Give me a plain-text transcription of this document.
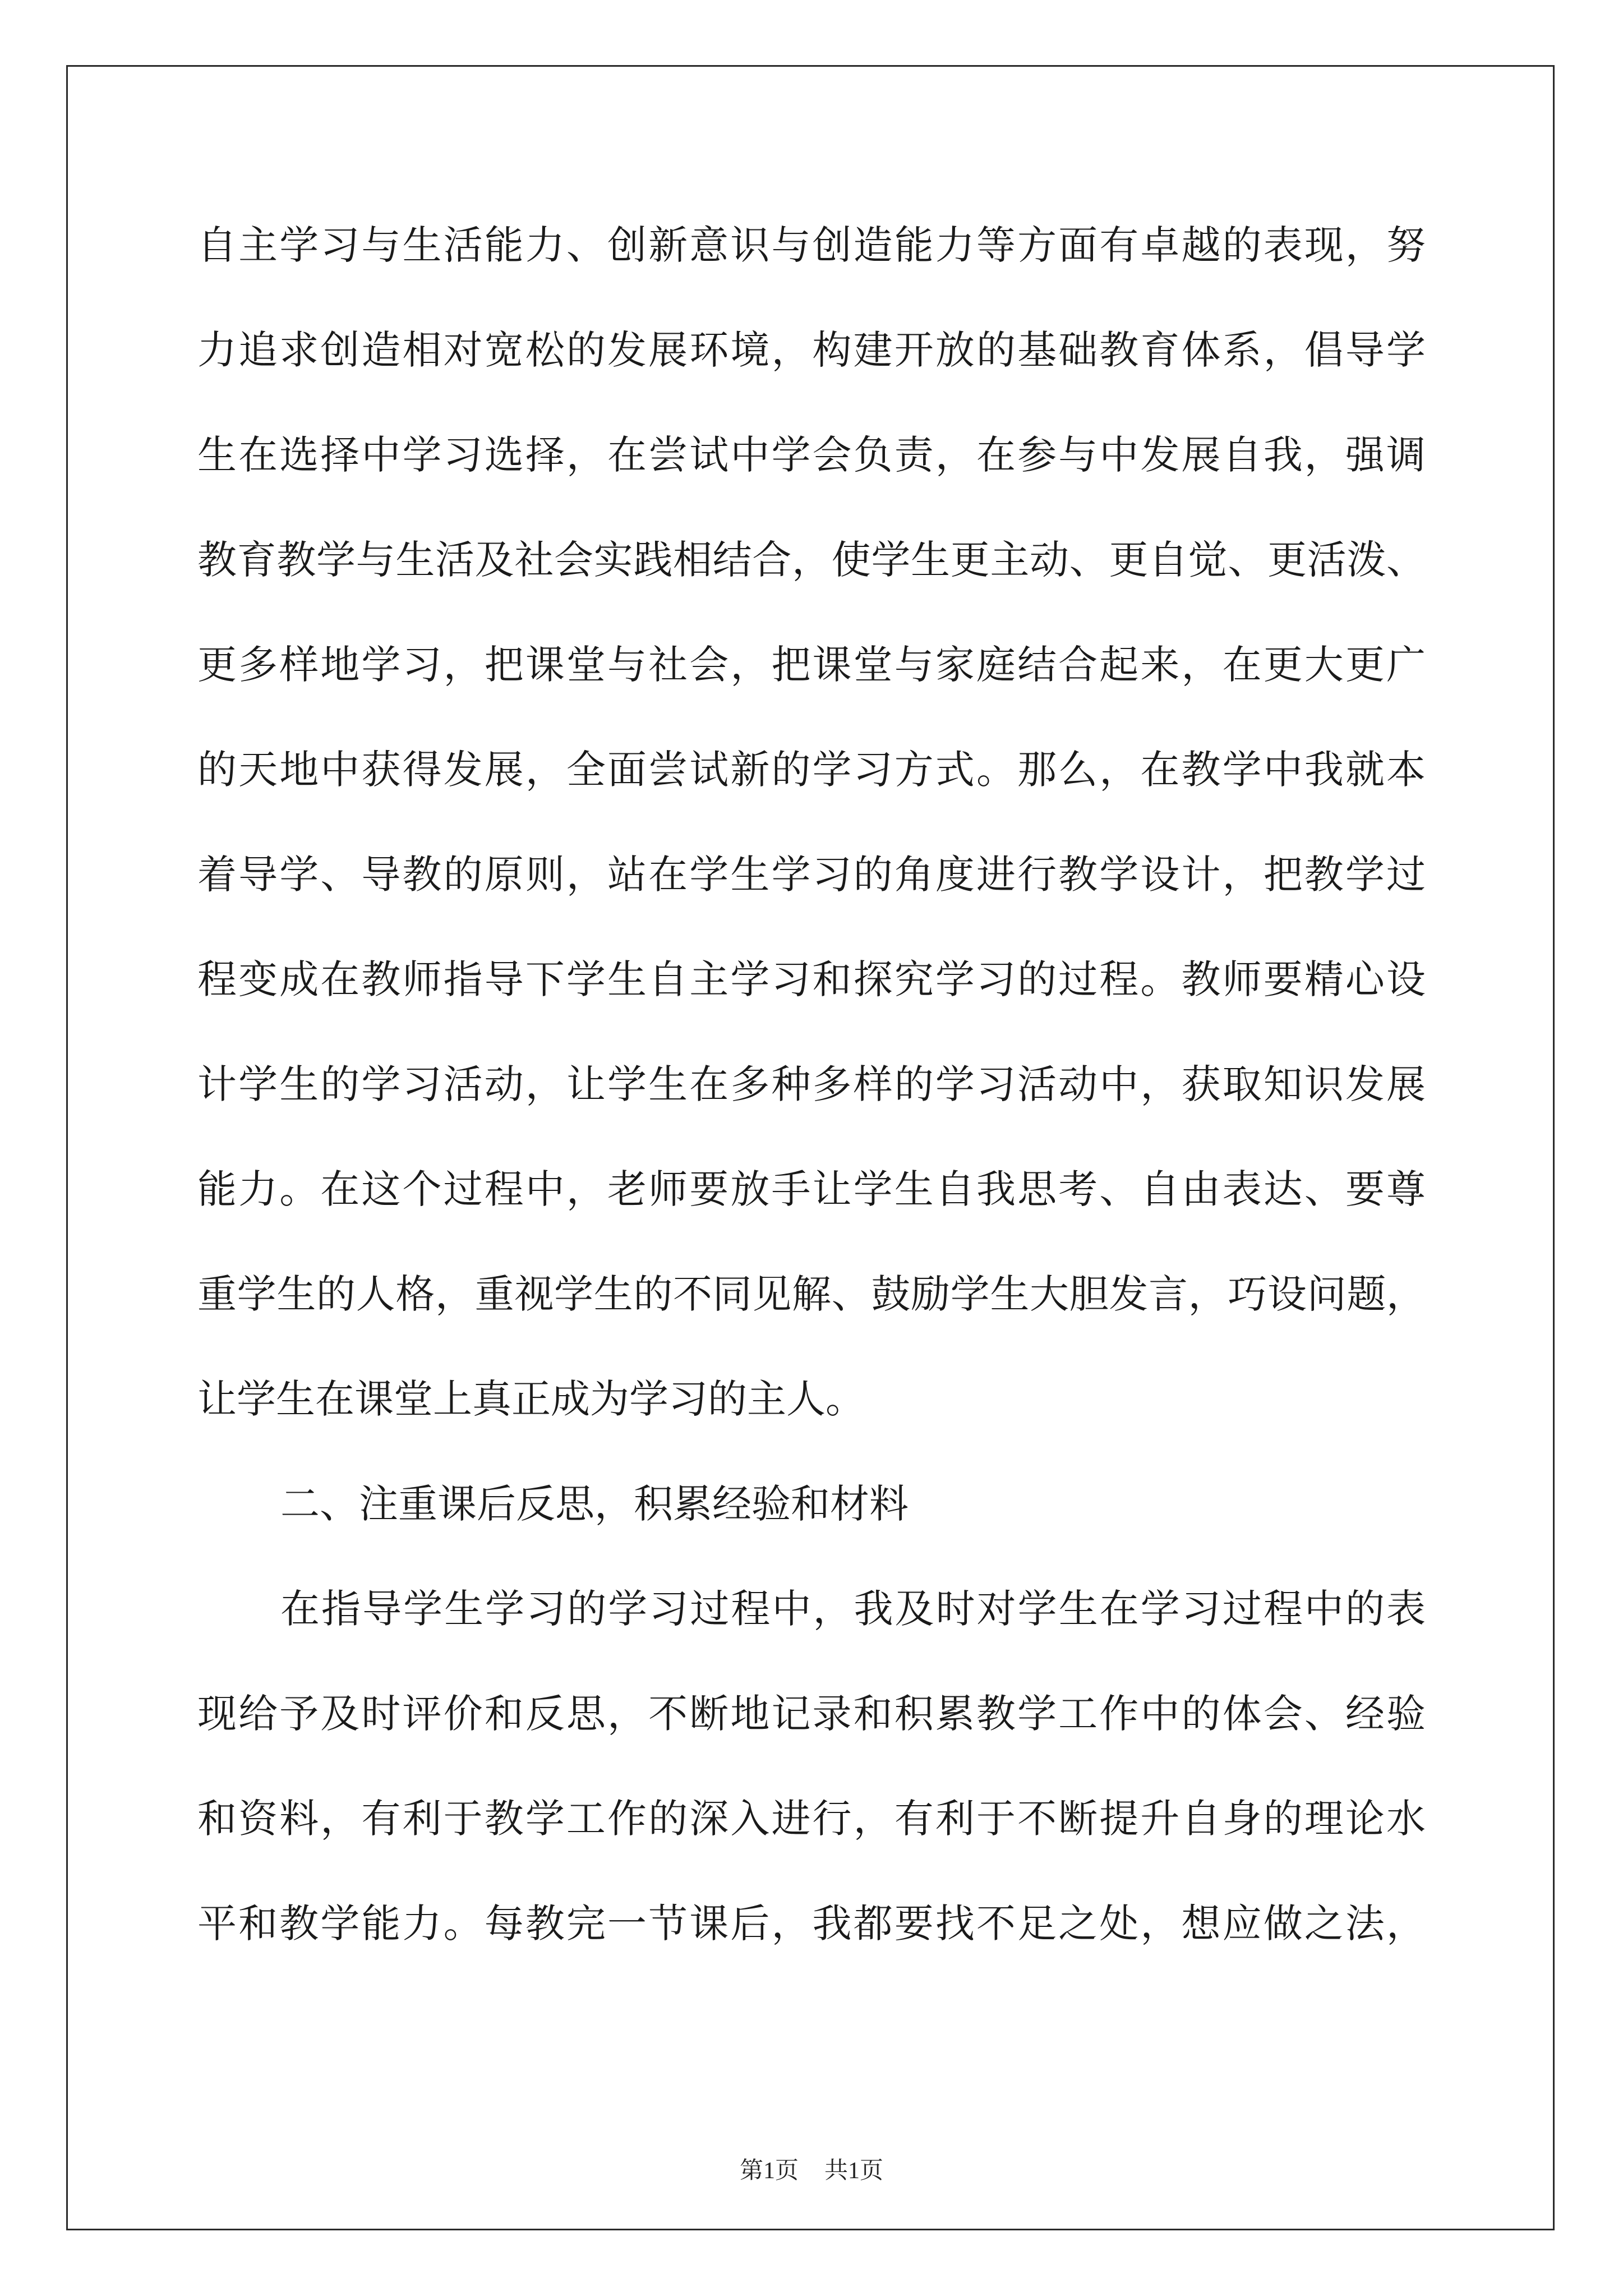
自主学习与生活能力、创新意识与创造能力等方面有卓越的表现，努
力追求创造相对宽松的发展环境，构建开放的基础教育体系，倡导学
生在选择中学习选择，在尝试中学会负责，在参与中发展自我，强调
教育教学与生活及社会实践相结合，使学生更主动、更自觉、更活泼、
更多样地学习，把课堂与社会，把课堂与家庭结合起来，在更大更广
的天地中获得发展，全面尝试新的学习方式。那么，在教学中我就本
着导学、导教的原则，站在学生学习的角度进行教学设计，把教学过
程变成在教师指导下学生自主学习和探究学习的过程。教师要精心设
计学生的学习活动，让学生在多种多样的学习活动中，获取知识发展
能力。在这个过程中，老师要放手让学生自我思考、自由表达、要尊
重学生的人格，重视学生的不同见解、鼓励学生大胆发言，巧设问题，
让学生在课堂上真正成为学习的主人。
二、注重课后反思，积累经验和材料
在指导学生学习的学习过程中，我及时对学生在学习过程中的表
现给予及时评价和反思，不断地记录和积累教学工作中的体会、经验
和资料，有利于教学工作的深入进行，有利于不断提升自身的理论水
平和教学能力。每教完一节课后，我都要找不足之处，想应做之法，
第1页 共1页
